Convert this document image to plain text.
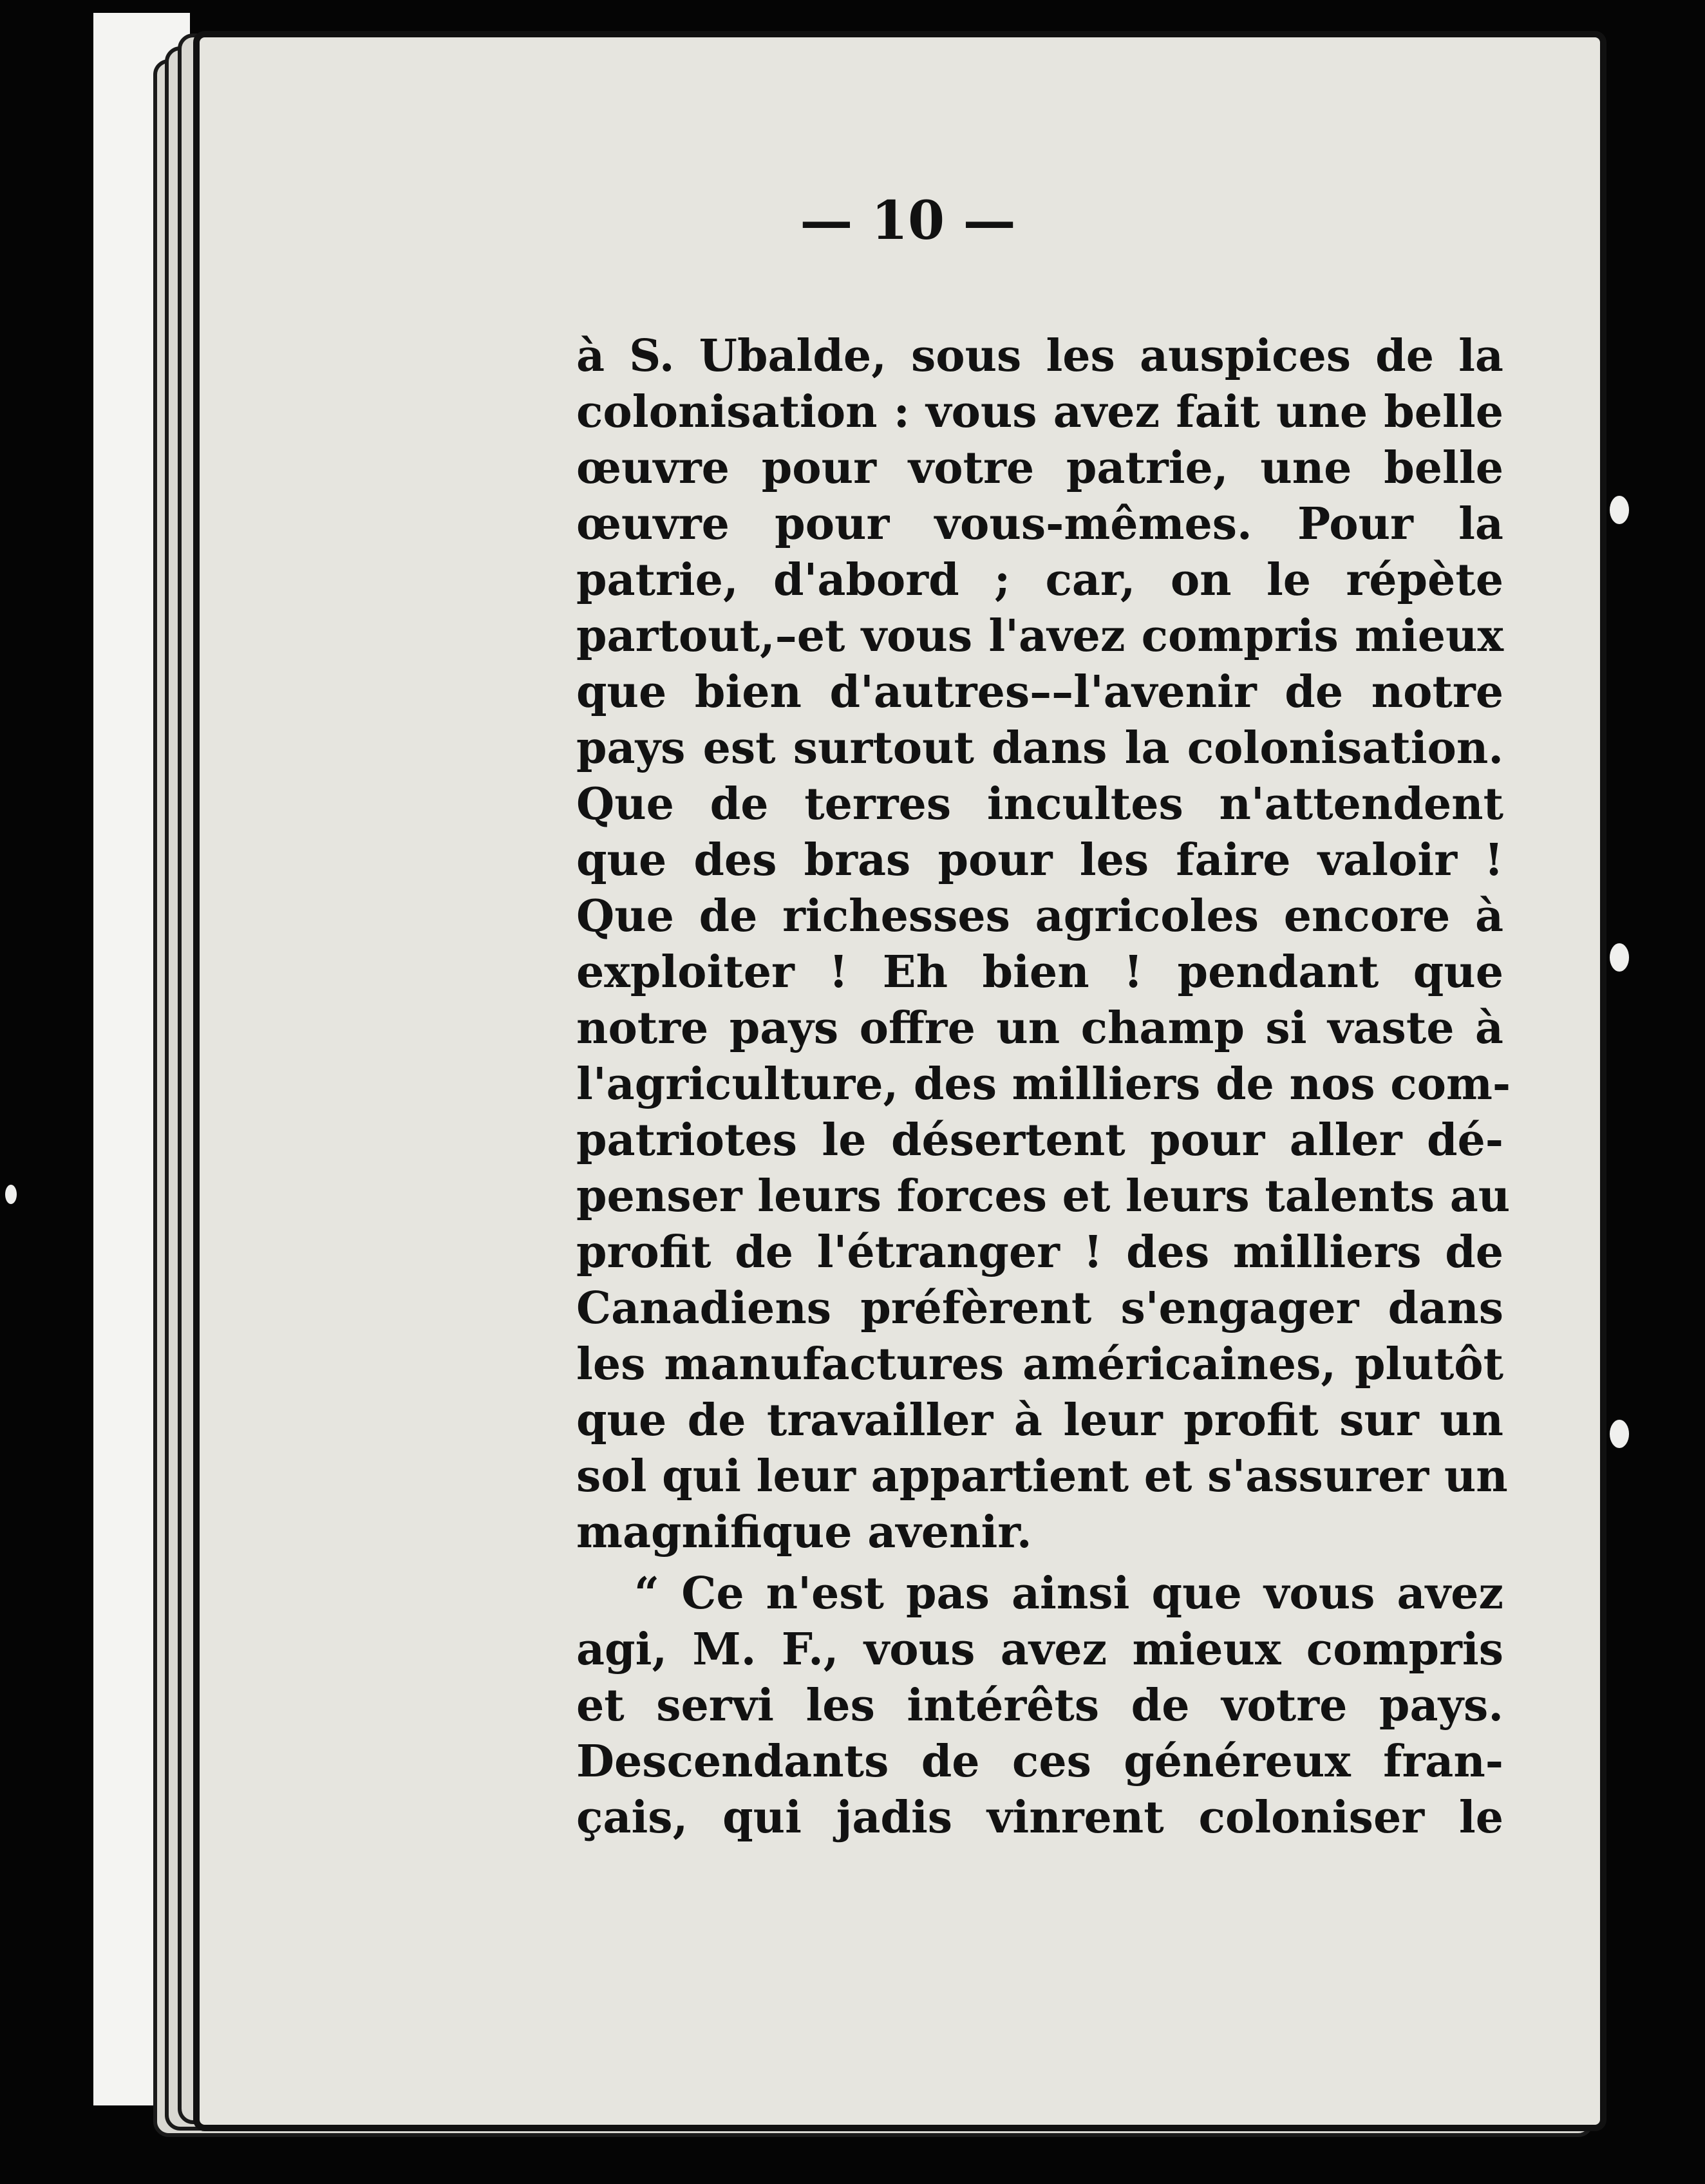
— 10 —
à S. Ubalde, sous les auspices de la
colonisation : vous avez fait une belle
œuvre pour votre patrie, une belle
œuvre pour vous-mêmes. Pour la
patrie, d'abord ; car, on le répète
partout,–et vous l'avez compris mieux
que bien d'autres––l'avenir de notre
pays est surtout dans la colonisation.
Que de terres incultes n'attendent
que des bras pour les faire valoir !
Que de richesses agricoles encore à
exploiter ! Eh bien ! pendant que
notre pays offre un champ si vaste à
l'agriculture, des milliers de nos com-
patriotes le désertent pour aller dé-
penser leurs forces et leurs talents au
profit de l'étranger ! des milliers de
Canadiens préfèrent s'engager dans
les manufactures américaines, plutôt
que de travailler à leur profit sur un
sol qui leur appartient et s'assurer un
magnifique avenir.
“ Ce n'est pas ainsi que vous avez
agi, M. F., vous avez mieux compris
et servi les intérêts de votre pays.
Descendants de ces généreux fran-
çais, qui jadis vinrent coloniser le
